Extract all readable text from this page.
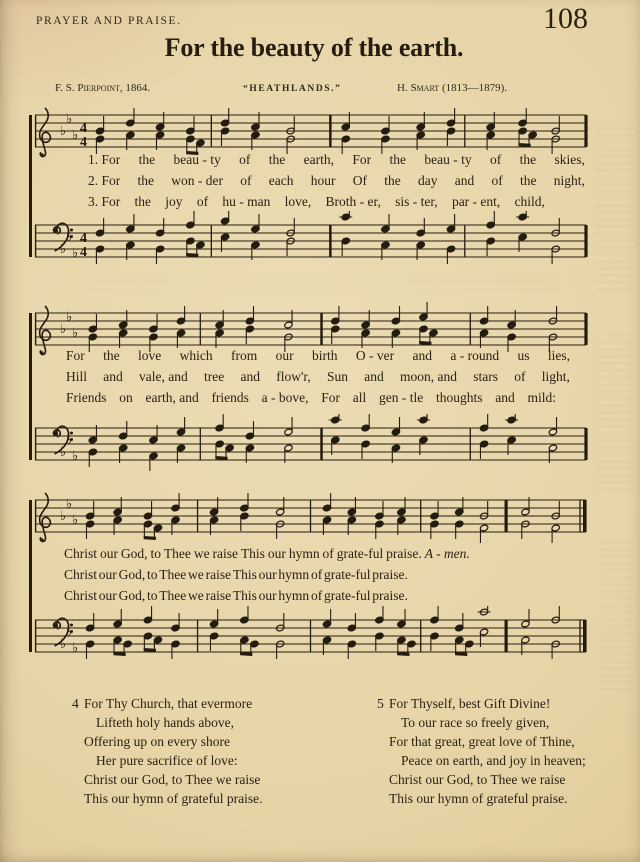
PRAYER AND PRAISE.	108
For the beauty of the earth.
F. S. Pierpoint, 1864.	“HEATHLANDS.”	H. Smart (1813—1879).
♭
♭
♭ 4
4
1. For the beau - ty of the earth, For the beau - ty of the skies,
2. For the won - der of each hour Of the day and of the night,
3. For the joy of hu - man love, Broth - er, sis - ter, par - ent, child,
♭
♭
♭
4
4
♭
♭
♭
For the love which from our birth O - ver and a - round us lies,
Hill and vale, and tree and flow'r, Sun and moon, and stars of light,
Friends on earth, and friends a - bove, For all gen - tle thoughts and mild:
♭
♭
♭
♭
♭
♭
Christ our God, to Thee we raise This our hymn of grate-ful praise. A - men.
Christ our God, to Thee we raise This our hymn of grate-ful praise.
Christ our God, to Thee we raise This our hymn of grate-ful praise.
♭
♭
♭
4 For Thy Church, that evermore
Lifteth holy hands above,
Offering up on every shore
Her pure sacrifice of love:
Christ our God, to Thee we raise
This our hymn of grateful praise.
5 For Thyself, best Gift Divine!
To our race so freely given,
For that great, great love of Thine,
Peace on earth, and joy in heaven;
Christ our God, to Thee we raise
This our hymn of grateful praise.
